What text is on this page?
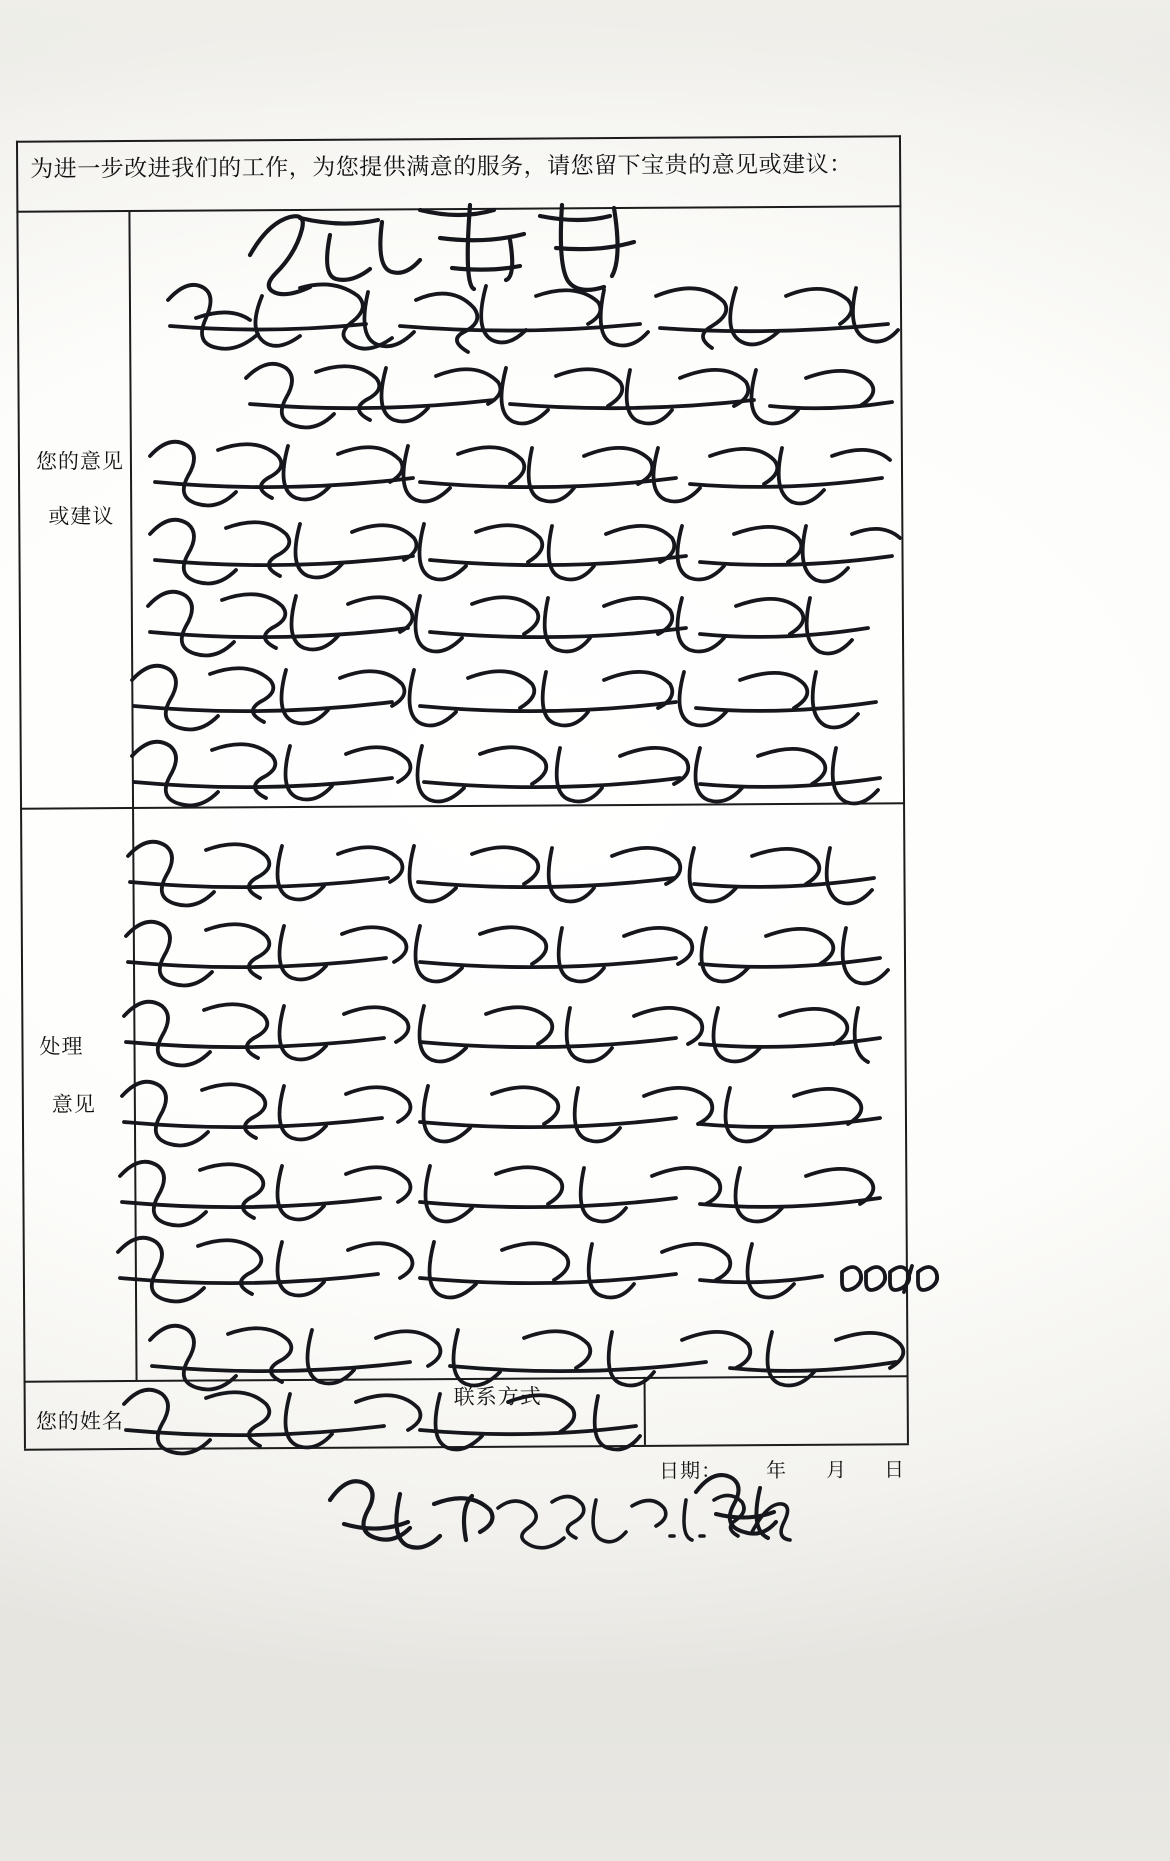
为进一步改进我们的工作，为您提供满意的服务，请您留下宝贵的意见或建议：
您的意见
或建议
处理
意见
您的姓名
联系方式
日期： 年 月 日
